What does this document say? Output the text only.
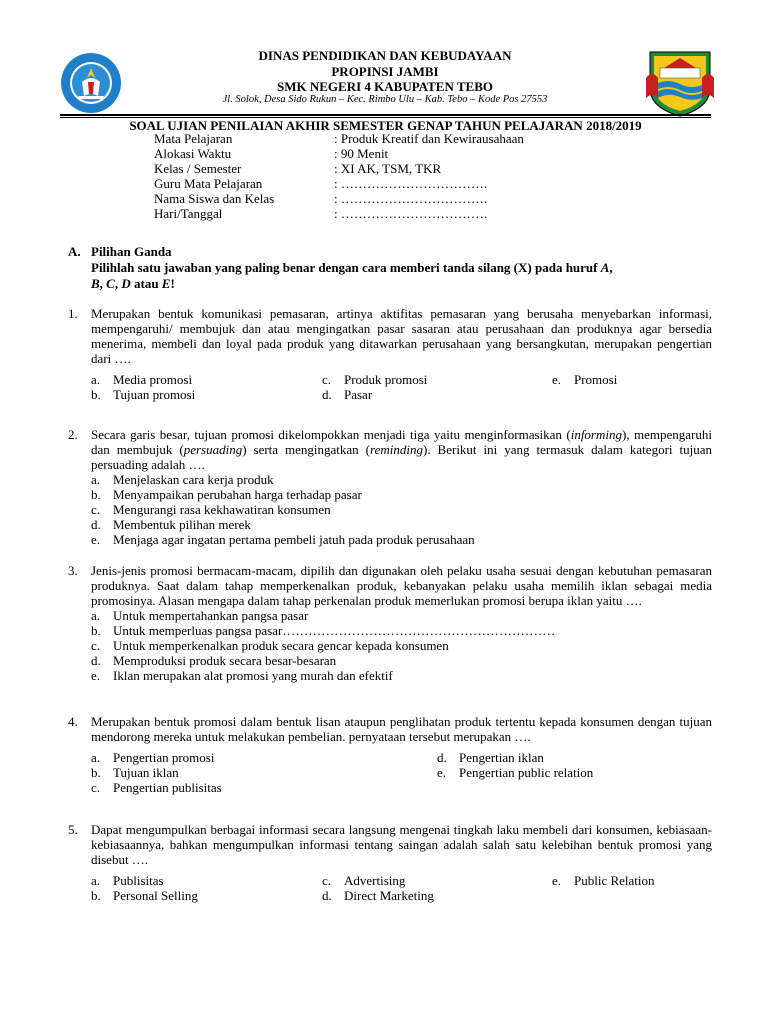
DINAS PENDIDIKAN DAN KEBUDAYAAN
PROPINSI JAMBI
SMK NEGERI 4 KABUPATEN TEBO
Jl. Solok, Desa Sido Rukun – Kec. Rimbo Ulu – Kab. Tebo – Kode Pos 27553
SOAL UJIAN PENILAIAN AKHIR SEMESTER GENAP TAHUN PELAJARAN 2018/2019
Mata Pelajaran	: Produk Kreatif dan Kewirausahaan
Alokasi Waktu	: 90 Menit
Kelas / Semester	: XI AK, TSM, TKR
Guru Mata Pelajaran	: …………………………….
Nama Siswa dan Kelas	: …………………………….
Hari/Tanggal	: …………………………….
A. Pilihan Ganda
Pilihlah satu jawaban yang paling benar dengan cara memberi tanda silang (X) pada huruf A,
B, C, D atau E!
1. Merupakan bentuk komunikasi pemasaran, artinya aktifitas pemasaran yang berusaha menyebarkan informasi, mempengaruhi/ membujuk dan atau mengingatkan pasar sasaran atau perusahaan dan produknya agar bersedia menerima, membeli dan loyal pada produk yang ditawarkan perusahaan yang bersangkutan, merupakan pengertian dari ….
a. Media promosi
b. Tujuan promosi
c. Produk promosi
d. Pasar
e. Promosi
2. Secara garis besar, tujuan promosi dikelompokkan menjadi tiga yaitu menginformasikan (informing), mempengaruhi dan membujuk (persuading) serta mengingatkan (reminding). Berikut ini yang termasuk dalam kategori tujuan persuading adalah ….
a. Menjelaskan cara kerja produk
b. Menyampaikan perubahan harga terhadap pasar
c. Mengurangi rasa kekhawatiran konsumen
d. Membentuk pilihan merek
e. Menjaga agar ingatan pertama pembeli jatuh pada produk perusahaan
3. Jenis-jenis promosi bermacam-macam, dipilih dan digunakan oleh pelaku usaha sesuai dengan kebutuhan pemasaran produknya. Saat dalam tahap memperkenalkan produk, kebanyakan pelaku usaha memilih iklan sebagai media promosinya. Alasan mengapa dalam tahap perkenalan produk memerlukan promosi berupa iklan yaitu ….
a. Untuk mempertahankan pangsa pasar
b. Untuk memperluas pangsa pasar………………………………………………………
c. Untuk memperkenalkan produk secara gencar kepada konsumen
d. Memproduksi produk secara besar-besaran
e. Iklan merupakan alat promosi yang murah dan efektif
4. Merupakan bentuk promosi dalam bentuk lisan ataupun penglihatan produk tertentu kepada konsumen dengan tujuan mendorong mereka untuk melakukan pembelian. pernyataan tersebut merupakan ….
a. Pengertian promosi
b. Tujuan iklan
c. Pengertian publisitas
d. Pengertian iklan
e. Pengertian public relation
5. Dapat mengumpulkan berbagai informasi secara langsung mengenai tingkah laku membeli dari konsumen, kebiasaan-kebiasaannya, bahkan mengumpulkan informasi tentang saingan adalah salah satu kelebihan bentuk promosi yang disebut ….
a. Publisitas
b. Personal Selling
c. Advertising
d. Direct Marketing
e. Public Relation
